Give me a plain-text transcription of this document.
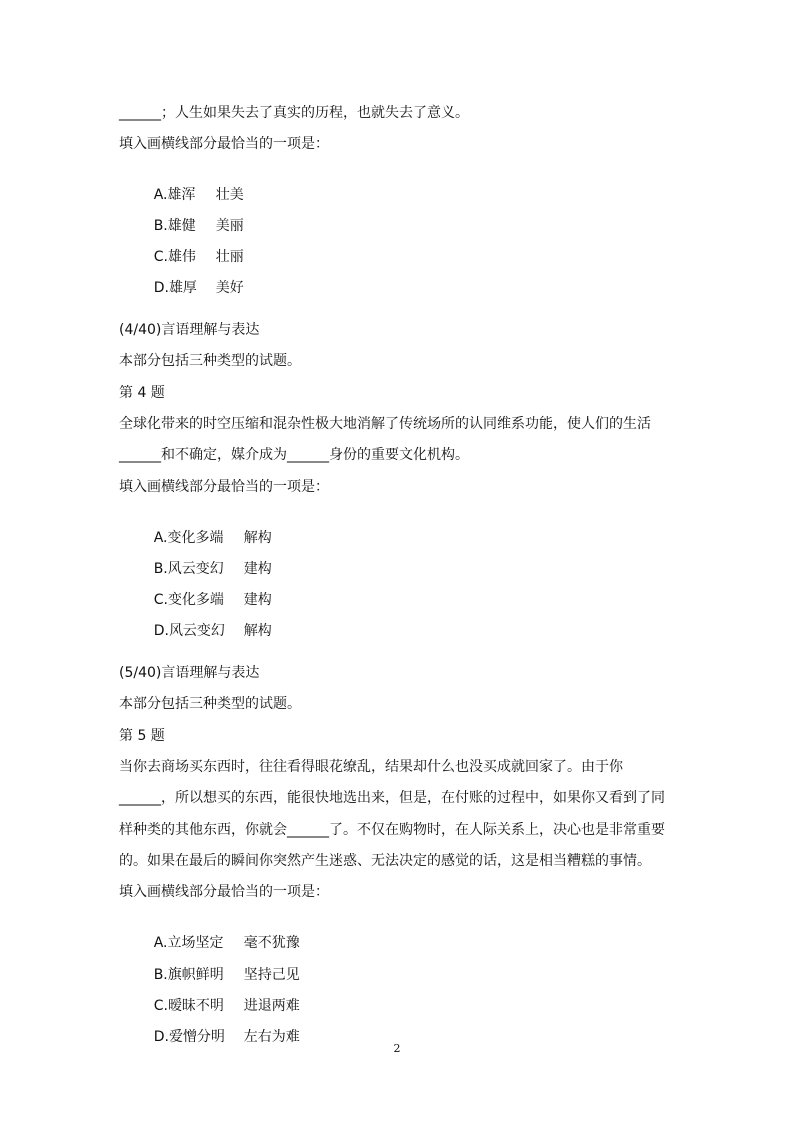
______；人生如果失去了真实的历程，也就失去了意义。
填入画横线部分最恰当的一项是：

A.雄浑 壮美

B.雄健 美丽

C.雄伟 壮丽

D.雄厚 美好

(4/40)言语理解与表达
本部分包括三种类型的试题。
第 4 题
全球化带来的时空压缩和混杂性极大地消解了传统场所的认同维系功能，使人们的生活
______和不确定，媒介成为______身份的重要文化机构。
填入画横线部分最恰当的一项是：

A.变化多端 解构

B.风云变幻 建构

C.变化多端 建构

D.风云变幻 解构

(5/40)言语理解与表达
本部分包括三种类型的试题。
第 5 题
当你去商场买东西时，往往看得眼花缭乱，结果却什么也没买成就回家了。由于你
______，所以想买的东西，能很快地选出来，但是，在付账的过程中，如果你又看到了同
样种类的其他东西，你就会______了。不仅在购物时，在人际关系上，决心也是非常重要
的。如果在最后的瞬间你突然产生迷惑、无法决定的感觉的话，这是相当糟糕的事情。
填入画横线部分最恰当的一项是：

A.立场坚定 毫不犹豫

B.旗帜鲜明 坚持己见

C.暧昧不明 进退两难

D.爱憎分明 左右为难

2
